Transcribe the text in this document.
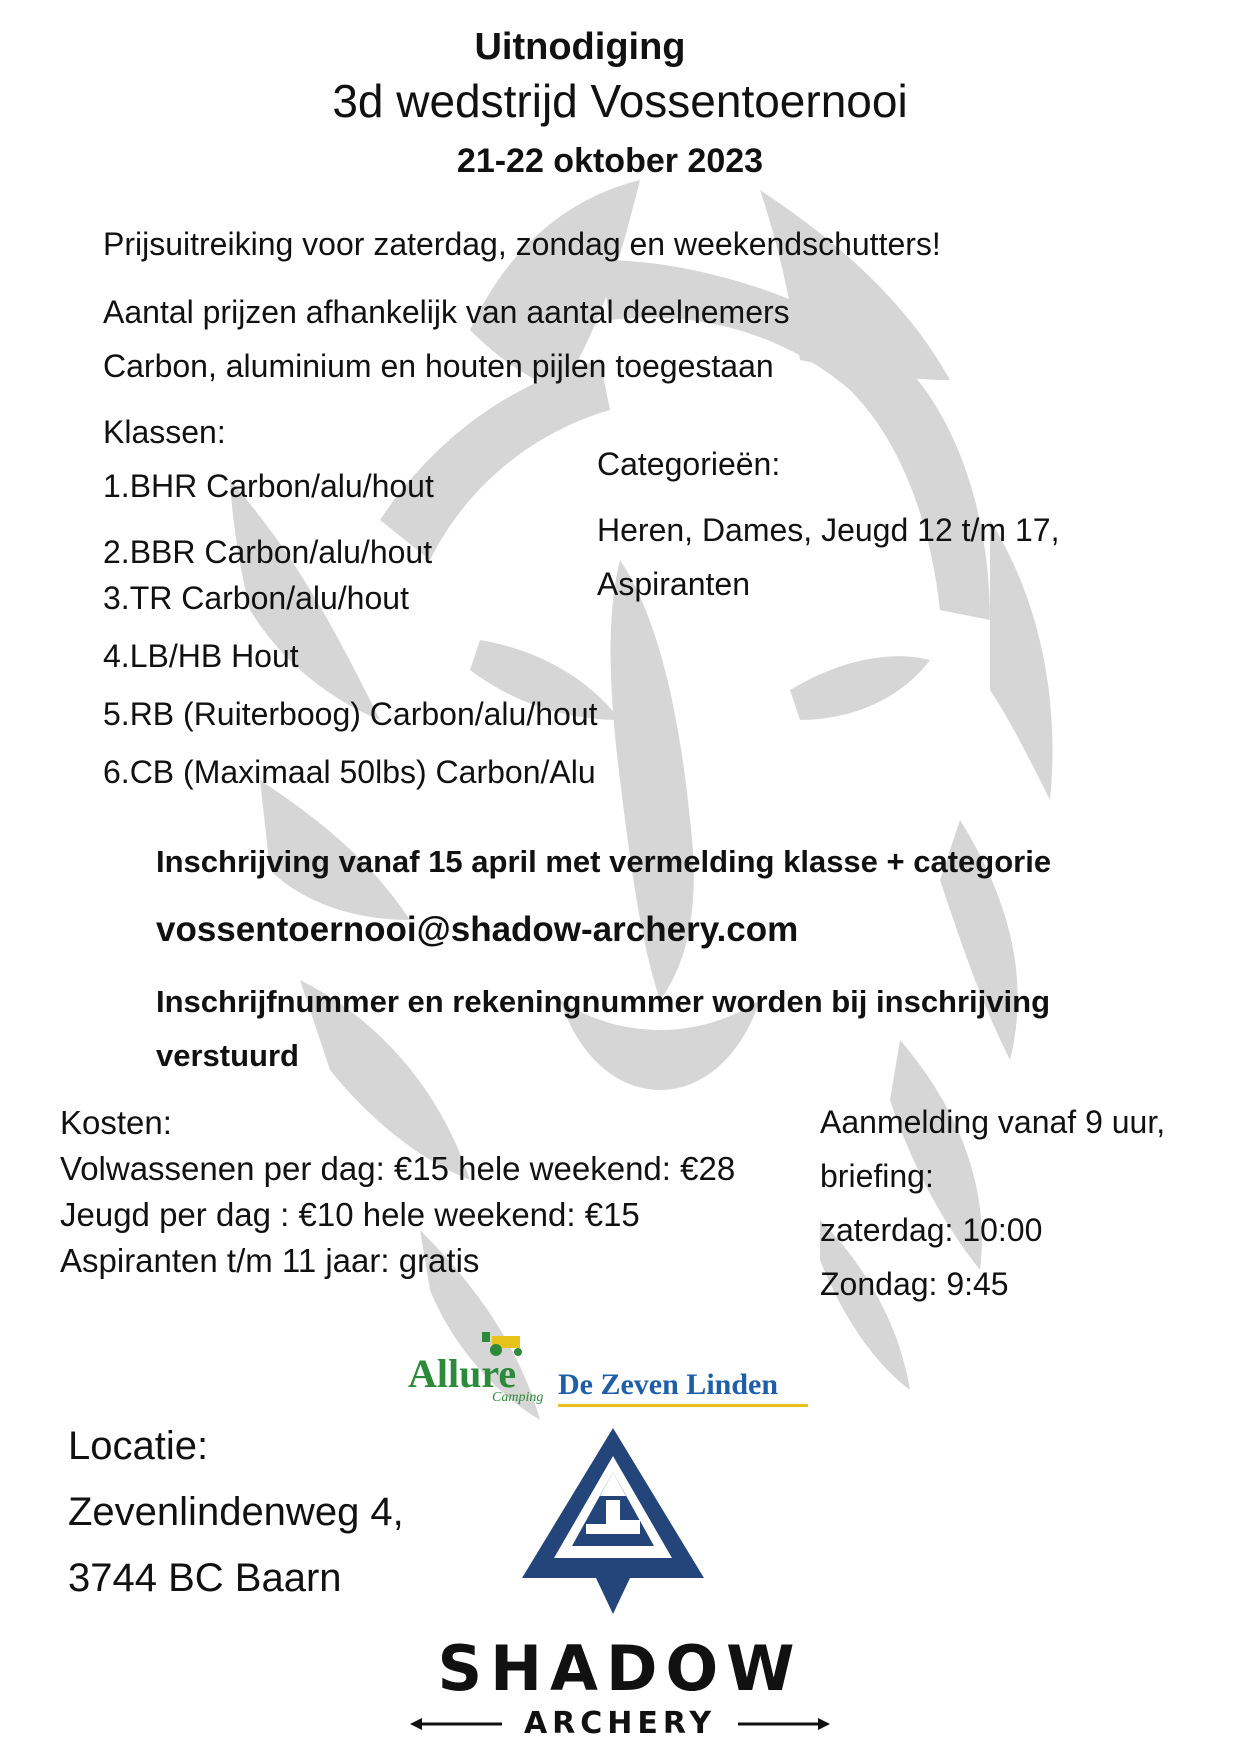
Uitnodiging
3d wedstrijd Vossentoernooi
21-22 oktober 2023
Prijsuitreiking voor zaterdag, zondag en weekendschutters!
Aantal prijzen afhankelijk van aantal deelnemers
Carbon, aluminium en houten pijlen toegestaan
Klassen:
1.BHR Carbon/alu/hout
2.BBR Carbon/alu/hout
3.TR Carbon/alu/hout
4.LB/HB Hout
5.RB (Ruiterboog) Carbon/alu/hout
6.CB (Maximaal 50lbs) Carbon/Alu
Categorieën:
Heren, Dames, Jeugd 12 t/m 17,
Aspiranten
Inschrijving vanaf 15 april met vermelding klasse + categorie
vossentoernooi@shadow-archery.com
Inschrijfnummer en rekeningnummer worden bij inschrijving
verstuurd
Kosten:
Volwassenen per dag: €15 hele weekend: €28
Jeugd per dag : €10 hele weekend: €15
Aspiranten t/m 11 jaar: gratis
Aanmelding vanaf 9 uur,
briefing:
zaterdag: 10:00
Zondag: 9:45
Allure
Camping De Zeven Linden
Locatie:
Zevenlindenweg 4,
3744 BC Baarn
SHADOW
ARCHERY
